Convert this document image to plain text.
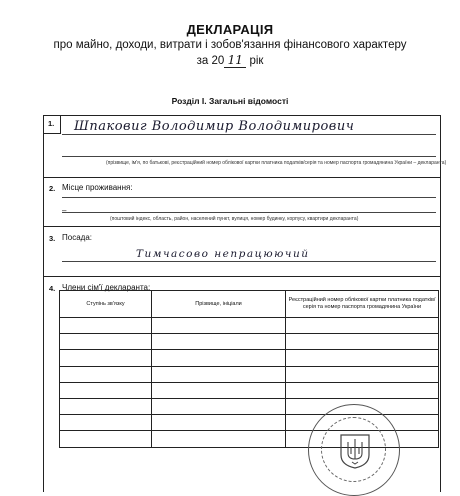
ДЕКЛАРАЦІЯ
про майно, доходи, витрати і зобов'язання фінансового характеру
за 20 11 рік
Розділ І. Загальні відомості
1. Шпаковиг Володимир Володимирович
(прізвище, ім'я, по батькові, реєстраційний номер облікової картки платника податків/серія та номер паспорта громадянина України – декларанта)
2. Місце проживання:
–
(поштовий індекс, область, район, населений пункт, вулиця, номер будинку, корпусу, квартири декларанта)
3. Посада:
Тимчасово непрацюючий
4. Члени сім'ї декларанта:
Ступінь зв'язку	Прізвище, ініціали	Реєстраційний номер облікової картки платника податків/ серія та номер паспорта громадянина України
